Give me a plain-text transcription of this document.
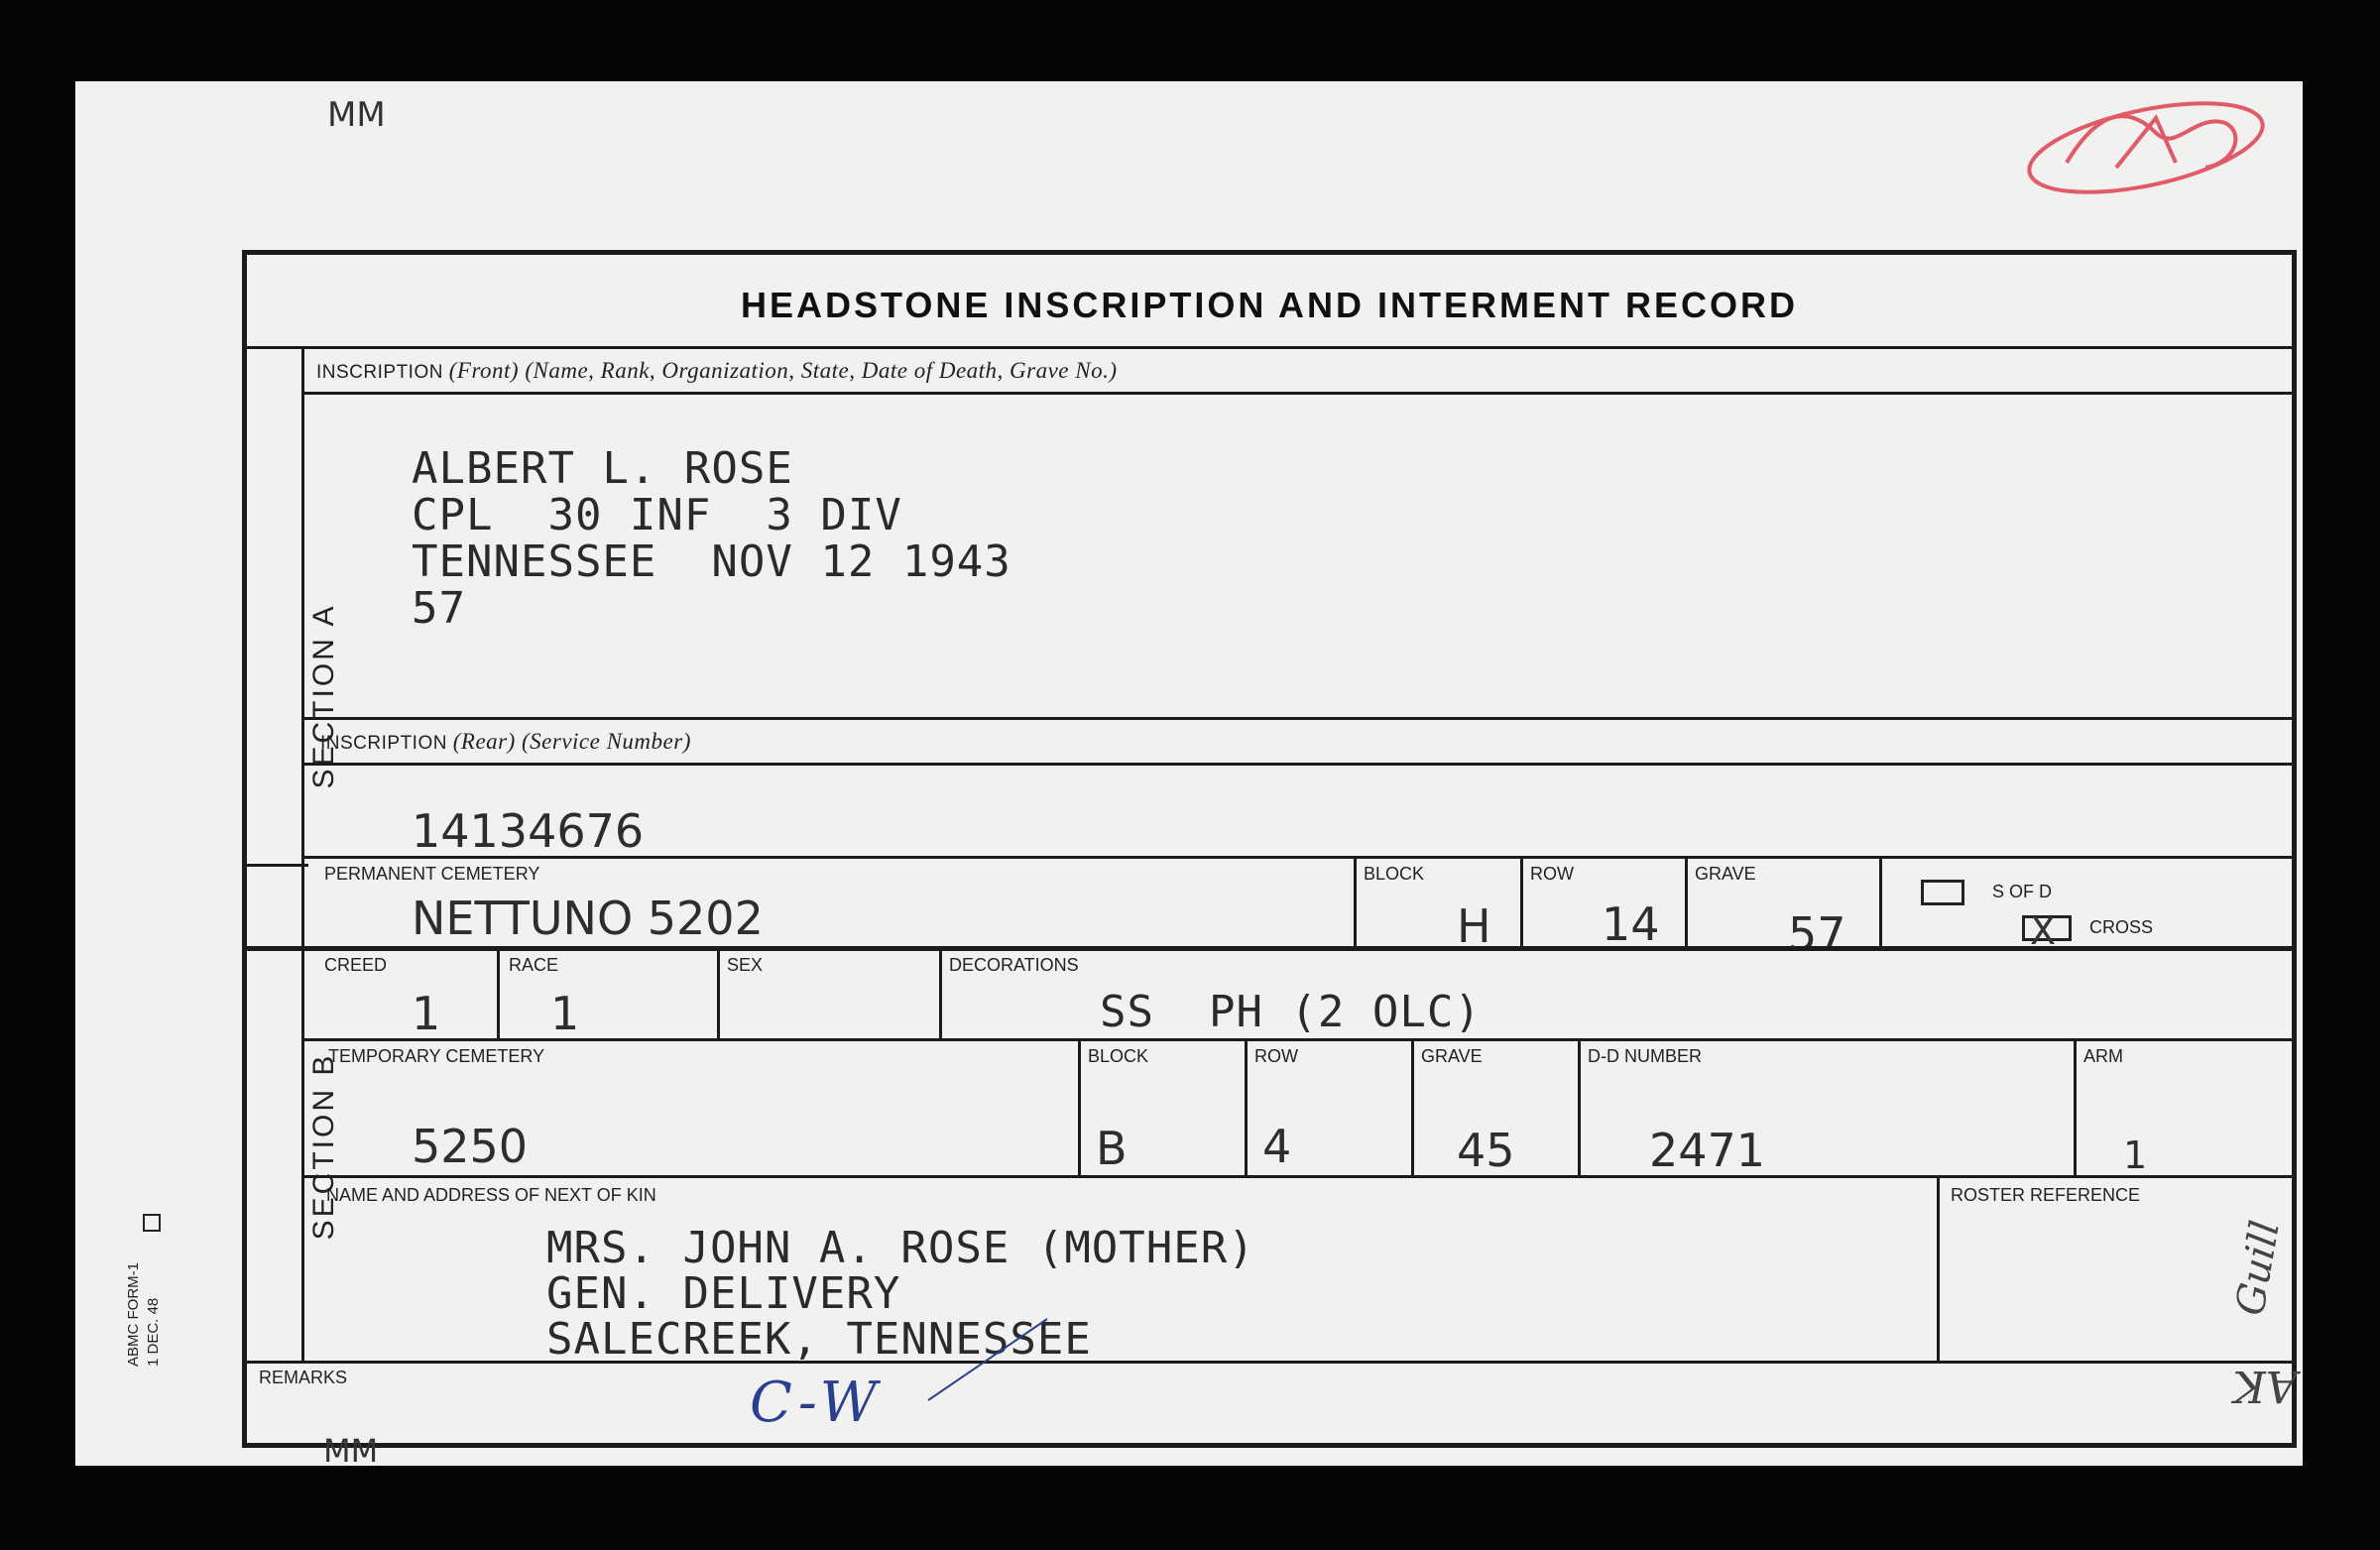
MM
HEADSTONE INSCRIPTION AND INTERMENT RECORD
SECTION A
SECTION B
INSCRIPTION (Front) (Name, Rank, Organization, State, Date of Death, Grave No.)
ALBERT L. ROSE
CPL  30 INF  3 DIV
TENNESSEE  NOV 12 1943
57
INSCRIPTION (Rear) (Service Number)
14134676
PERMANENT CEMETERY
NETTUNO 5202
BLOCK
H
ROW
14
GRAVE
57
S OF D
X CROSS
CREED
1
RACE
1
SEX	DECORATIONS
SS  PH (2 OLC)
TEMPORARY CEMETERY
5250
BLOCK
B
ROW
4
GRAVE
45
D-D NUMBER
2471
ARM
1
NAME AND ADDRESS OF NEXT OF KIN
MRS. JOHN A. ROSE (MOTHER)
GEN. DELIVERY
SALECREEK, TENNESSEE
ROSTER REFERENCE
REMARKS
ABMC FORM-1 1 DEC. 48
C-W
Guill
AK
MM
